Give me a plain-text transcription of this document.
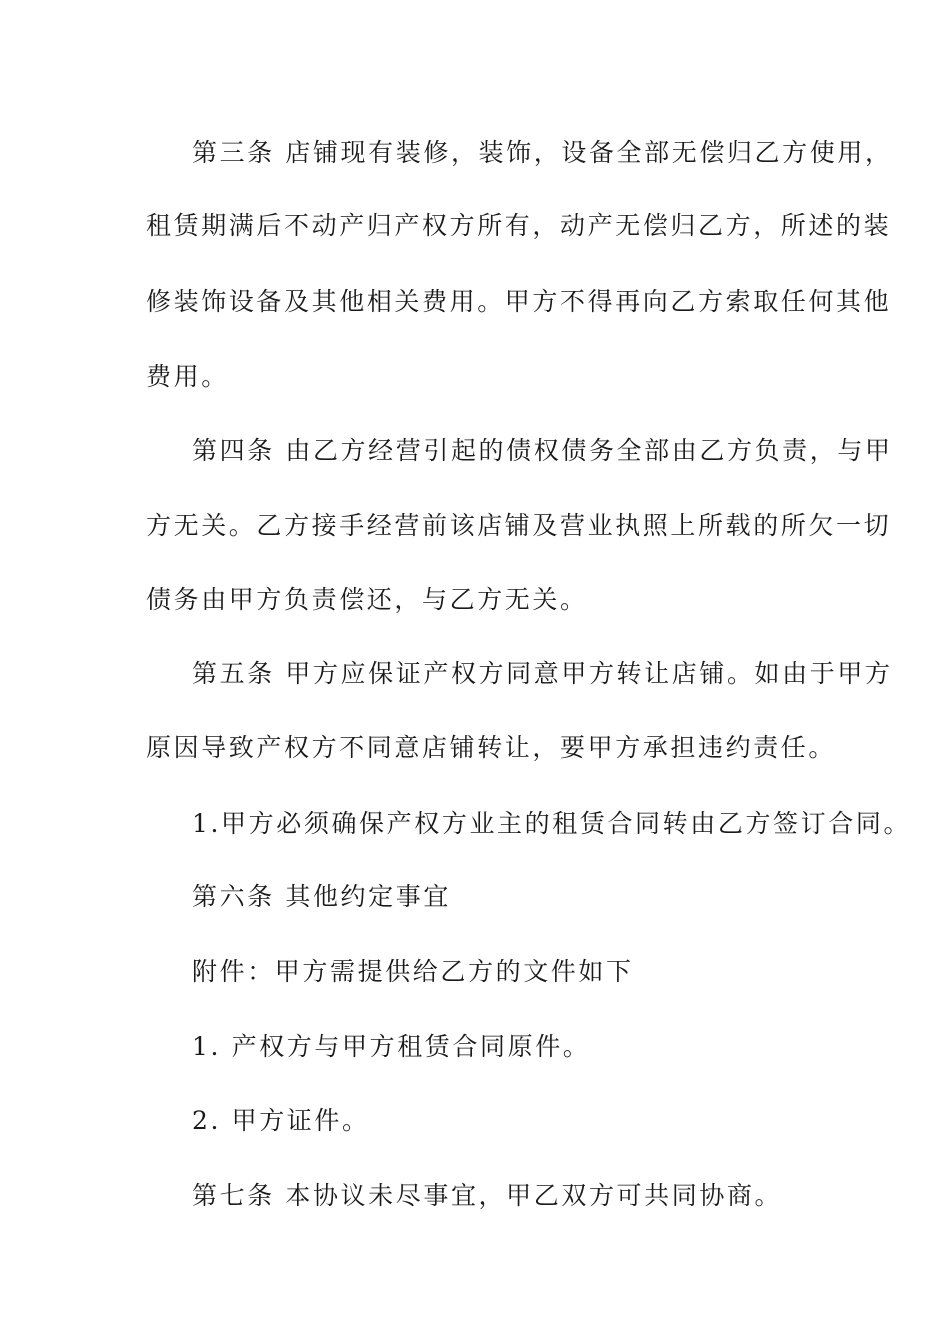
第三条 店铺现有装修，装饰，设备全部无偿归乙方使用，
租赁期满后不动产归产权方所有，动产无偿归乙方，所述的装
修装饰设备及其他相关费用。甲方不得再向乙方索取任何其他
费用。
第四条 由乙方经营引起的债权债务全部由乙方负责，与甲
方无关。乙方接手经营前该店铺及营业执照上所载的所欠一切
债务由甲方负责偿还，与乙方无关。
第五条 甲方应保证产权方同意甲方转让店铺。如由于甲方
原因导致产权方不同意店铺转让，要甲方承担违约责任。
1.甲方必须确保产权方业主的租赁合同转由乙方签订合同。
第六条 其他约定事宜
附件：甲方需提供给乙方的文件如下
1. 产权方与甲方租赁合同原件。
2. 甲方证件。
第七条 本协议未尽事宜，甲乙双方可共同协商。
